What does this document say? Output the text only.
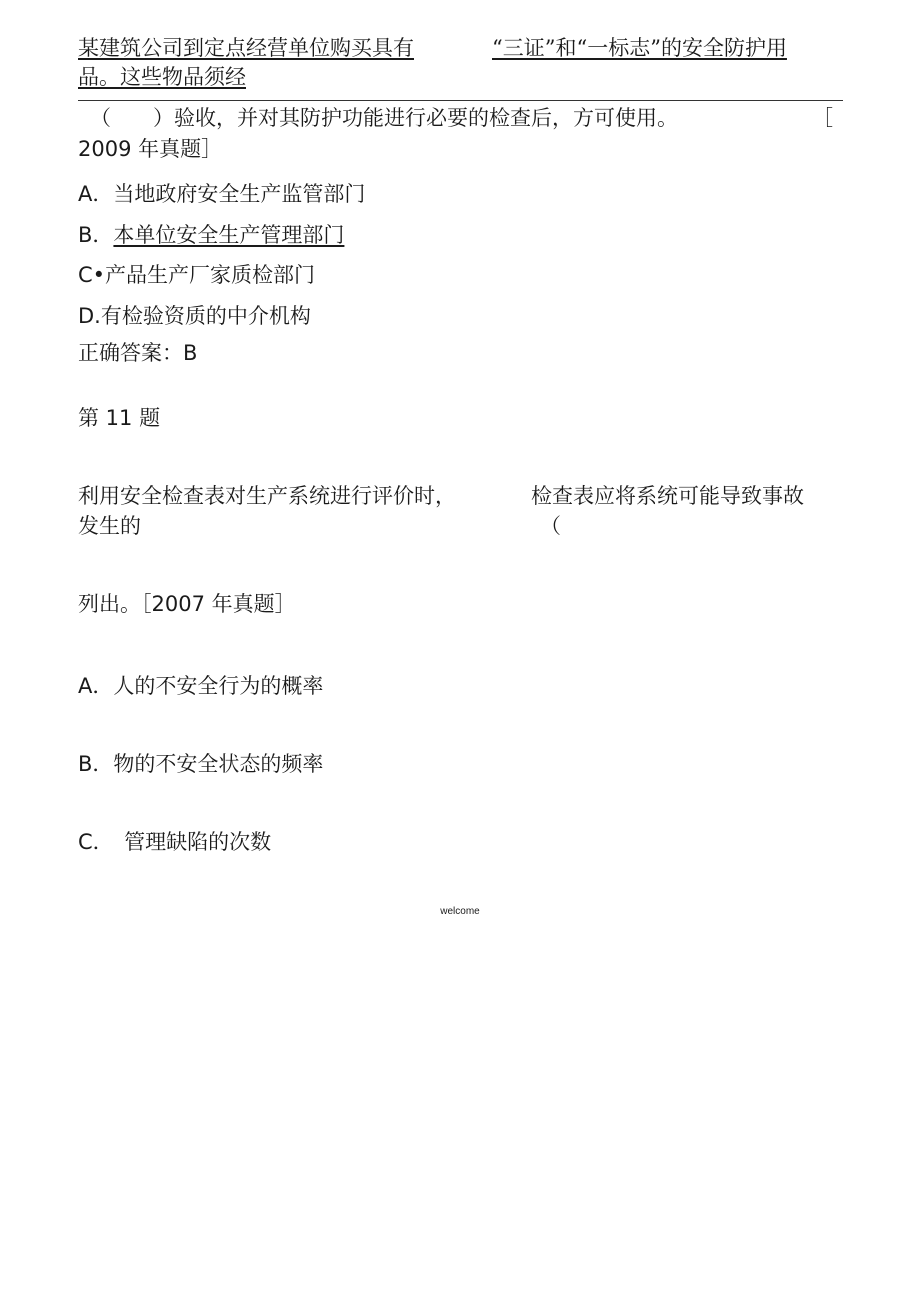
某建筑公司到定点经营单位购买具有	“三证”和“一标志”的安全防护用
品。这些物品须经
（　　）验收，并对其防护功能进行必要的检查后，方可使用。	［
2009 年真题］
A．当地政府安全生产监管部门
B．本单位安全生产管理部门
C•产品生产厂家质检部门
D.有检验资质的中介机构
正确答案：B
第 11 题
利用安全检查表对生产系统进行评价时，	检查表应将系统可能导致事故
发生的	（
列出。［2007 年真题］
A．人的不安全行为的概率
B．物的不安全状态的频率
C．　管理缺陷的次数
welcome
